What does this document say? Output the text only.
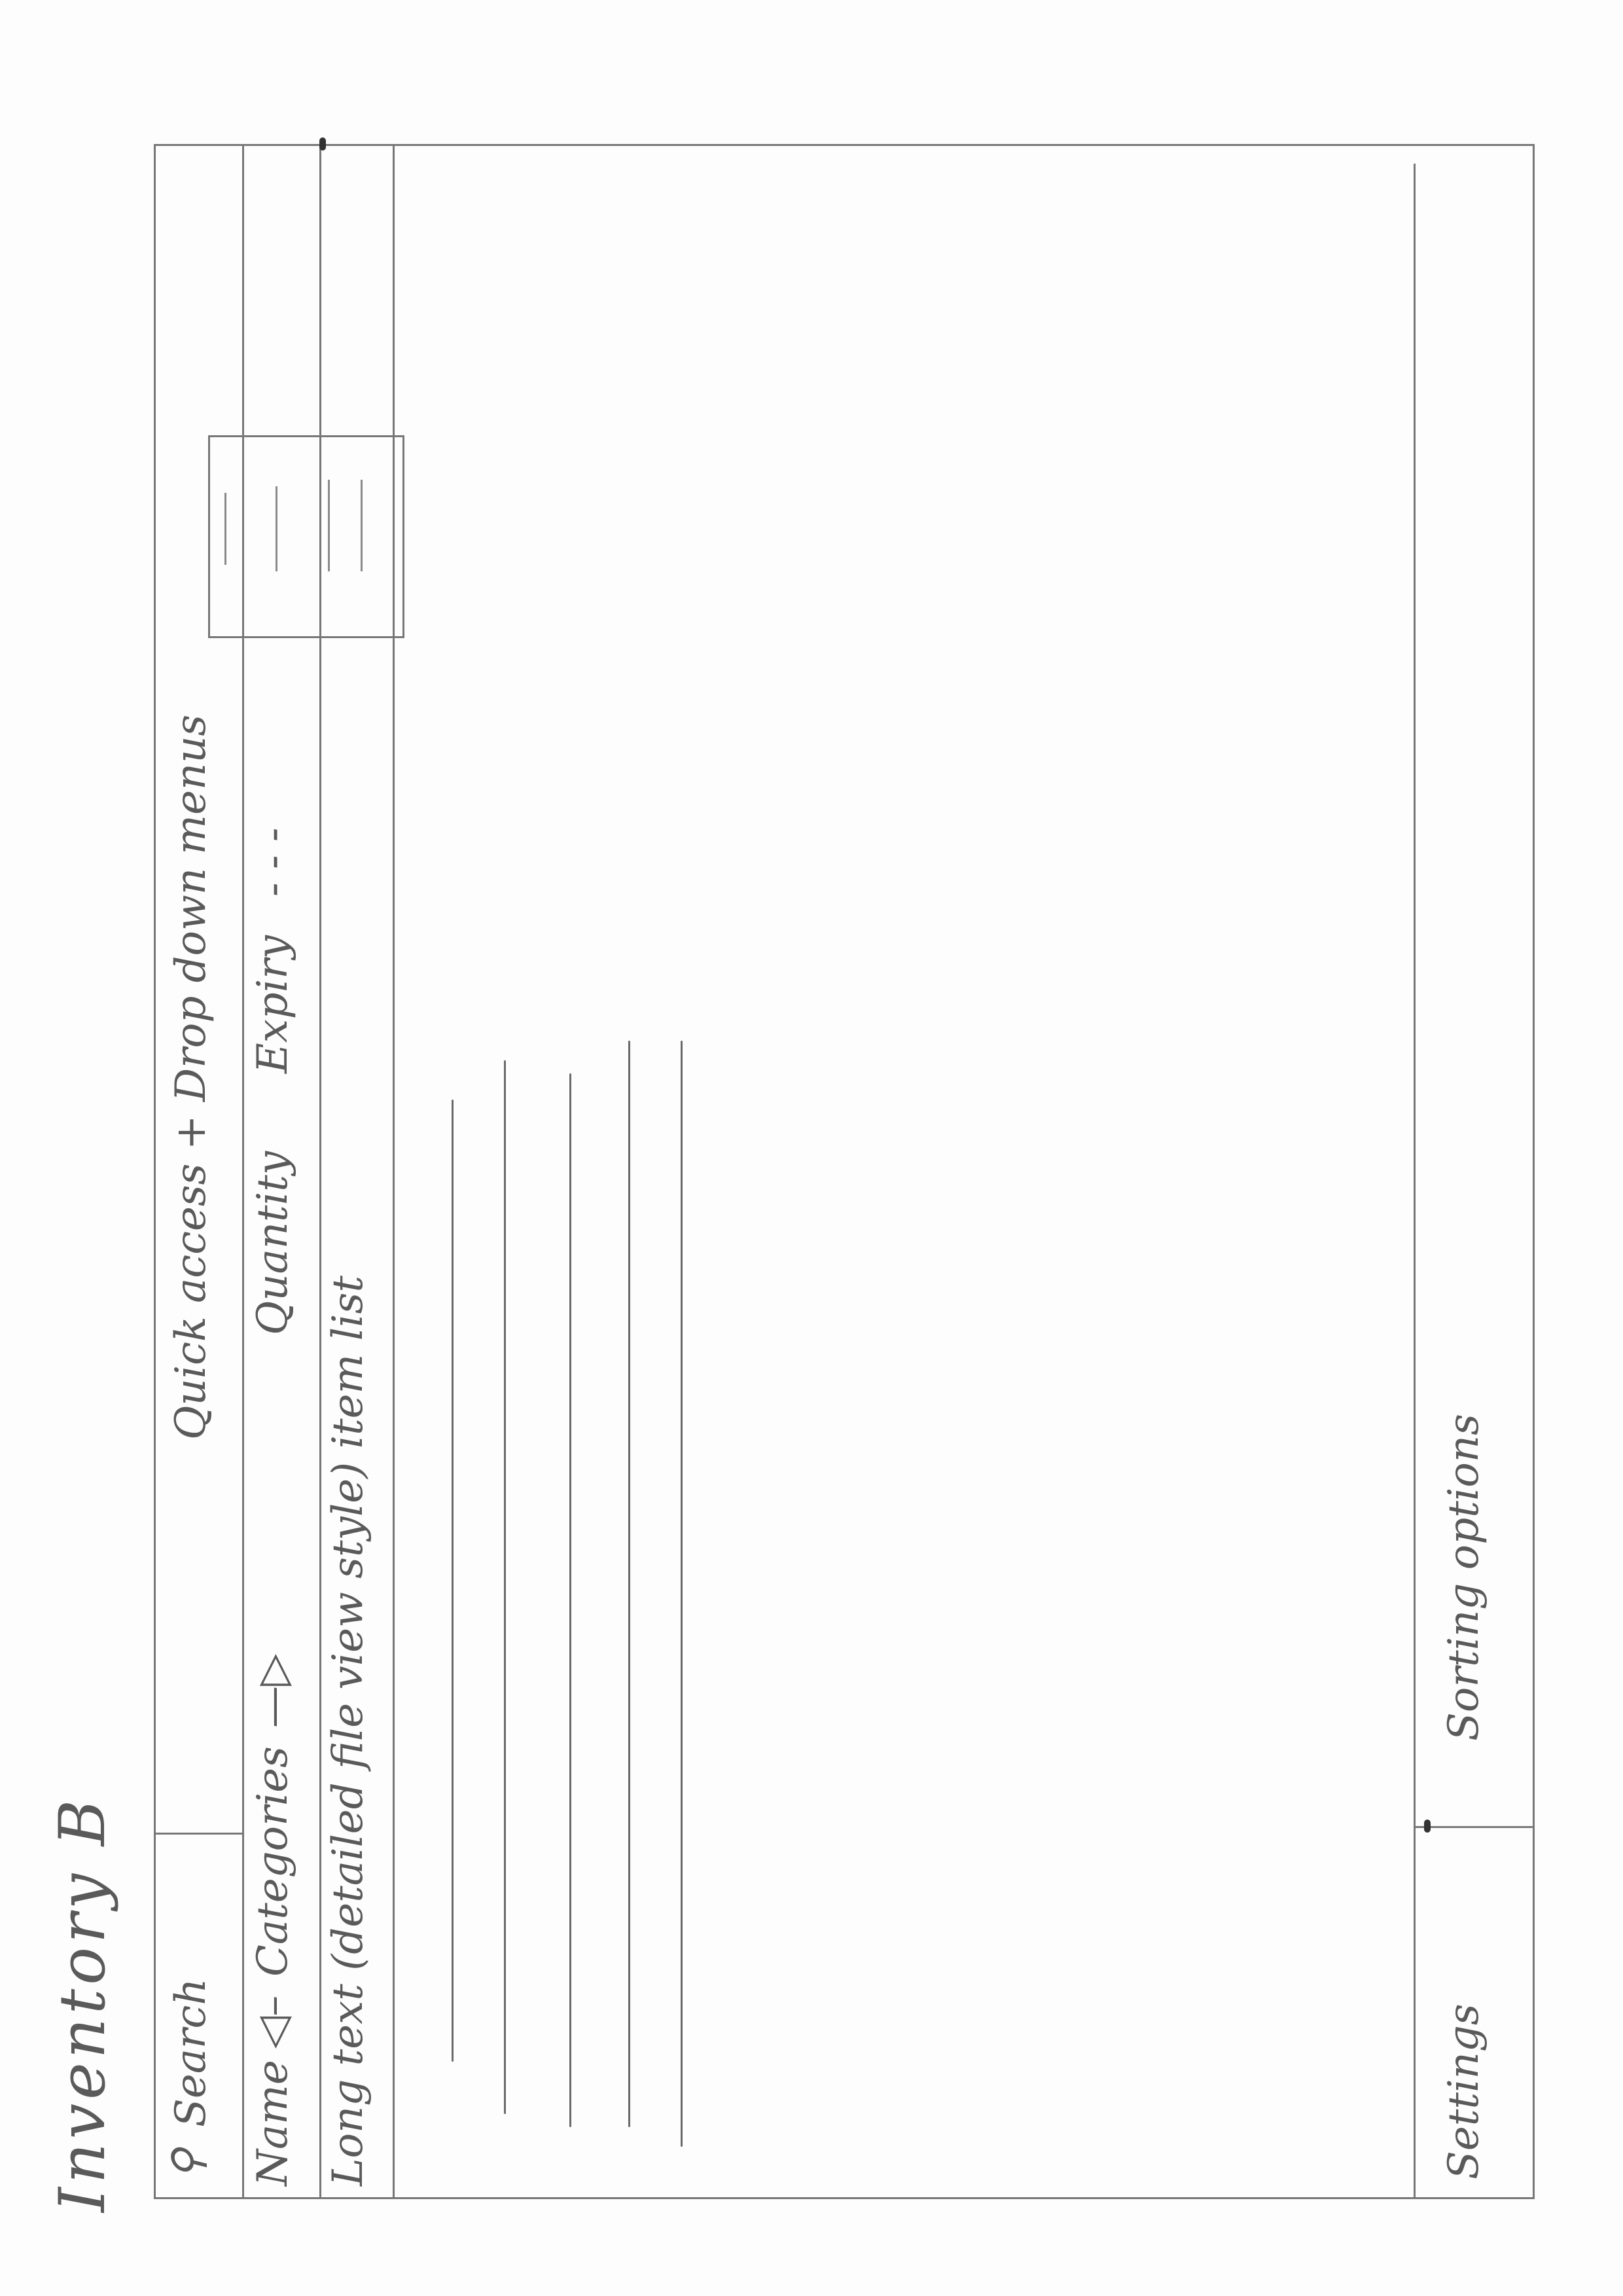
Inventory B ⚲
Search
Quick access + Drop down menus
Name
◁–
Categories
—▷
Quantity
Expiry
- - -
Long text (detailed file view style) item list	Settings
Sorting options
